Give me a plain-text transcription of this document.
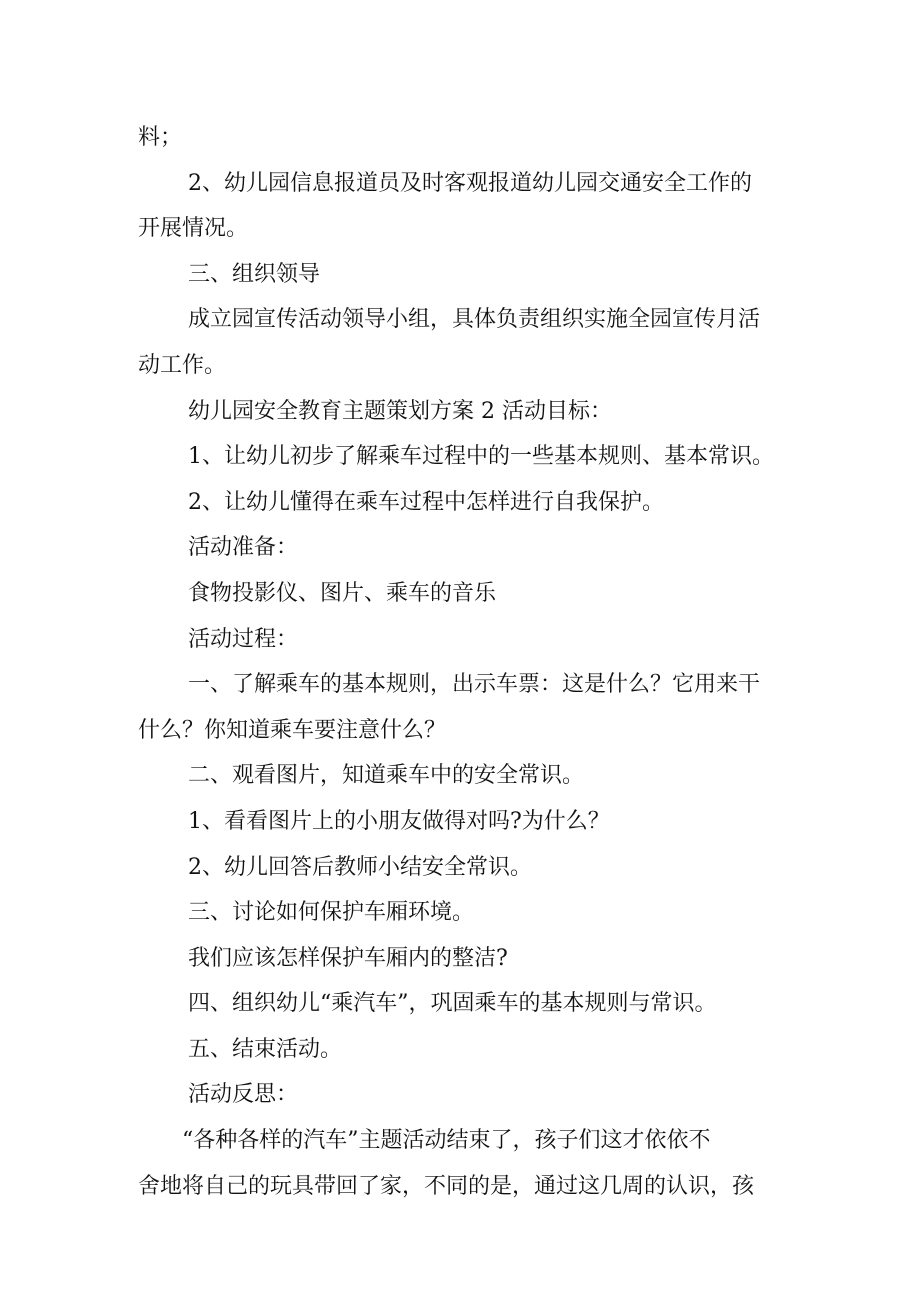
料；

2、幼儿园信息报道员及时客观报道幼儿园交通安全工作的

开展情况。

三、组织领导

成立园宣传活动领导小组，具体负责组织实施全园宣传月活

动工作。

幼儿园安全教育主题策划方案 2 活动目标：

1、让幼儿初步了解乘车过程中的一些基本规则、基本常识。

2、让幼儿懂得在乘车过程中怎样进行自我保护。

活动准备：

食物投影仪、图片、乘车的音乐

活动过程：

一、了解乘车的基本规则，出示车票：这是什么？它用来干

什么？你知道乘车要注意什么？

二、观看图片，知道乘车中的安全常识。

1、看看图片上的小朋友做得对吗?为什么？

2、幼儿回答后教师小结安全常识。

三、讨论如何保护车厢环境。

我们应该怎样保护车厢内的整洁?

四、组织幼儿“乘汽车”，巩固乘车的基本规则与常识。

五、结束活动。

活动反思：

“各种各样的汽车”主题活动结束了，孩子们这才依依不

舍地将自己的玩具带回了家，不同的是，通过这几周的认识，孩
